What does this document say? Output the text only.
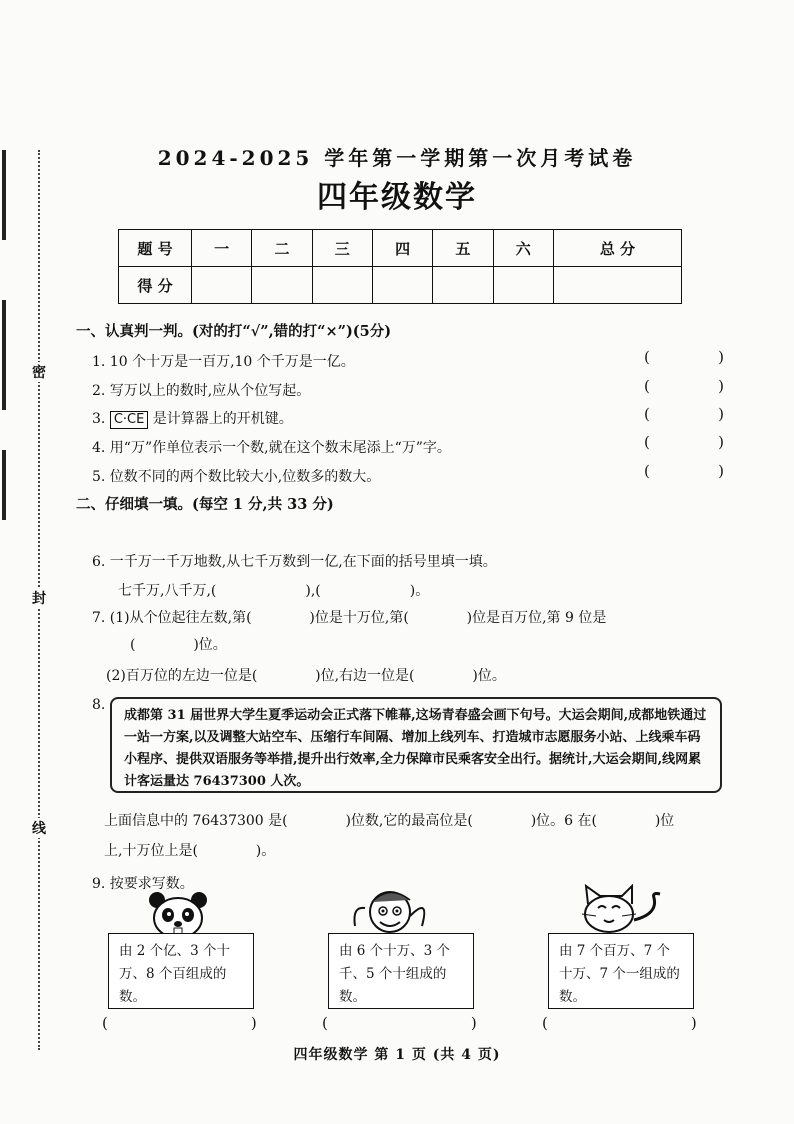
密
封
线
2024-2025 学年第一学期第一次月考试卷
四年级数学
题 号	一	二	三	四	五	六	总 分
得 分							
一、认真判一判。(对的打“√”,错的打“×”)(5分)
1. 10 个十万是一百万,10 个千万是一亿。
2. 写万以上的数时,应从个位写起。
3. C·CE 是计算器上的开机键。
4. 用“万”作单位表示一个数,就在这个数末尾添上“万”字。
5. 位数不同的两个数比较大小,位数多的数大。
(	)
(	)
(	)
(	)
(	)
二、仔细填一填。(每空 1 分,共 33 分)
6. 一千万一千万地数,从七千万数到一亿,在下面的括号里填一填。
七千万,八千万,(                    ),(                    )。
7. (1)从个位起往左数,第(             )位是十万位,第(             )位是百万位,第 9 位是
(             )位。
(2)百万位的左边一位是(             )位,右边一位是(             )位。
8.
成都第 31 届世界大学生夏季运动会正式落下帷幕,这场青春盛会画下句号。大运会期间,成都地铁通过一站一方案,以及调整大站空车、压缩行车间隔、增加上线列车、打造城市志愿服务小站、上线乘车码小程序、提供双语服务等举措,提升出行效率,全力保障市民乘客安全出行。据统计,大运会期间,线网累计客运量达 76437300 人次。
上面信息中的 76437300 是(             )位数,它的最高位是(             )位。6 在(             )位
上,十万位上是(             )。
9. 按要求写数。
由 2 个亿、3 个十万、8 个百组成的数。
由 6 个十万、3 个千、5 个十组成的数。
由 7 个百万、7 个十万、7 个一组成的数。
(                              )	(                              )	(                              )
四年级数学 第 1 页 (共 4 页)
